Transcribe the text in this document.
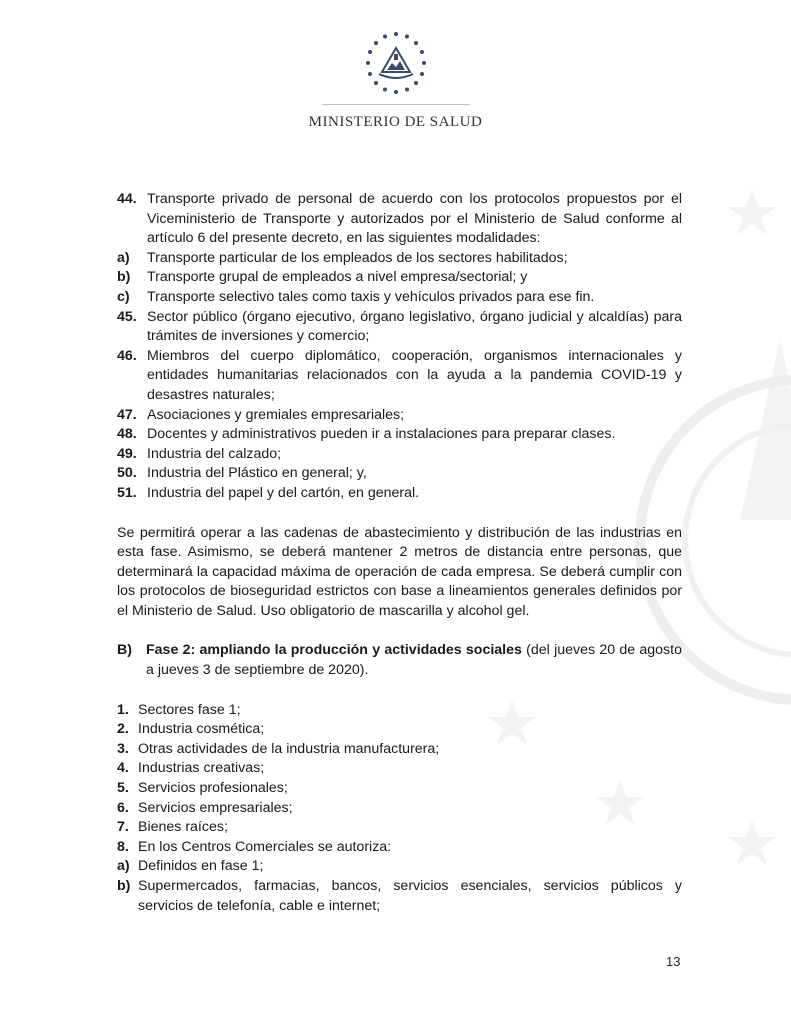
MINISTERIO DE SALUD
44. Transporte privado de personal de acuerdo con los protocolos propuestos por el Viceministerio de Transporte y autorizados por el Ministerio de Salud conforme al artículo 6 del presente decreto, en las siguientes modalidades:
a)	Transporte particular de los empleados de los sectores habilitados;
b)	Transporte grupal de empleados a nivel empresa/sectorial; y
c)	Transporte selectivo tales como taxis y vehículos privados para ese fin.
45. Sector público (órgano ejecutivo, órgano legislativo, órgano judicial y alcaldías) para trámites de inversiones y comercio;
46. Miembros del cuerpo diplomático, cooperación, organismos internacionales y entidades humanitarias relacionados con la ayuda a la pandemia COVID-19 y desastres naturales;
47. Asociaciones y gremiales empresariales;
48. Docentes y administrativos pueden ir a instalaciones para preparar clases.
49. Industria del calzado;
50. Industria del Plástico en general; y,
51. Industria del papel y del cartón, en general.
Se permitirá operar a las cadenas de abastecimiento y distribución de las industrias en esta fase. Asimismo, se deberá mantener 2 metros de distancia entre personas, que determinará la capacidad máxima de operación de cada empresa. Se deberá cumplir con los protocolos de bioseguridad estrictos con base a lineamientos generales definidos por el Ministerio de Salud. Uso obligatorio de mascarilla y alcohol gel.
B) Fase 2: ampliando la producción y actividades sociales (del jueves 20 de agosto a jueves 3 de septiembre de 2020).
1. Sectores fase 1;
2. Industria cosmética;
3. Otras actividades de la industria manufacturera;
4. Industrias creativas;
5. Servicios profesionales;
6. Servicios empresariales;
7. Bienes raíces;
8. En los Centros Comerciales se autoriza:
a) Definidos en fase 1;
b) Supermercados, farmacias, bancos, servicios esenciales, servicios públicos y servicios de telefonía, cable e internet;
13
